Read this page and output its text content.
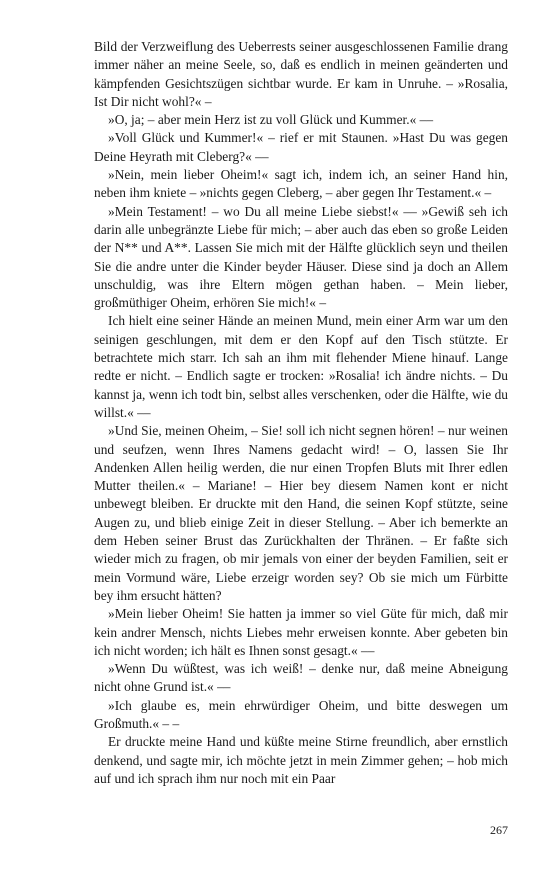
Bild der Verzweiflung des Ueberrests seiner ausgeschlossenen Familie drang immer näher an meine Seele, so, daß es endlich in meinen geänderten und kämpfenden Gesichtszügen sichtbar wurde. Er kam in Unruhe. – »Rosalia, Ist Dir nicht wohl?« –

»O, ja; – aber mein Herz ist zu voll Glück und Kummer.« ––

»Voll Glück und Kummer!« – rief er mit Staunen. »Hast Du was gegen Deine Heyrath mit Cleberg?« ––

»Nein, mein lieber Oheim!« sagt ich, indem ich, an seiner Hand hin, neben ihm kniete – »nichts gegen Cleberg, – aber gegen Ihr Testament.« –

»Mein Testament! – wo Du all meine Liebe siebst!« –– »Gewiß seh ich darin alle unbegränzte Liebe für mich; – aber auch das eben so große Leiden der N** und A**. Lassen Sie mich mit der Hälfte glücklich seyn und theilen Sie die andre unter die Kinder beyder Häuser. Diese sind ja doch an Allem unschuldig, was ihre Eltern mögen gethan haben. – Mein lieber, großmüthiger Oheim, erhören Sie mich!« –

Ich hielt eine seiner Hände an meinen Mund, mein einer Arm war um den seinigen geschlungen, mit dem er den Kopf auf den Tisch stützte. Er betrachtete mich starr. Ich sah an ihm mit flehender Miene hinauf. Lange redte er nicht. – Endlich sagte er trocken: »Rosalia! ich ändre nichts. – Du kannst ja, wenn ich todt bin, selbst alles verschenken, oder die Hälfte, wie du willst.« ––

»Und Sie, meinen Oheim, – Sie! soll ich nicht segnen hören! – nur weinen und seufzen, wenn Ihres Namens gedacht wird! – O, lassen Sie Ihr Andenken Allen heilig werden, die nur einen Tropfen Bluts mit Ihrer edlen Mutter theilen.« – Mariane! – Hier bey diesem Namen kont er nicht unbewegt bleiben. Er druckte mit den Hand, die seinen Kopf stützte, seine Augen zu, und blieb einige Zeit in dieser Stellung. – Aber ich bemerkte an dem Heben seiner Brust das Zurückhalten der Thränen. – Er faßte sich wieder mich zu fragen, ob mir jemals von einer der beyden Familien, seit er mein Vormund wäre, Liebe erzeigr worden sey? Ob sie mich um Fürbitte bey ihm ersucht hätten?

»Mein lieber Oheim! Sie hatten ja immer so viel Güte für mich, daß mir kein andrer Mensch, nichts Liebes mehr erweisen konnte. Aber gebeten bin ich nicht worden; ich hält es Ihnen sonst gesagt.« ––

»Wenn Du wüßtest, was ich weiß! – denke nur, daß meine Abneigung nicht ohne Grund ist.« ––

»Ich glaube es, mein ehrwürdiger Oheim, und bitte deswegen um Großmuth.« – –

Er druckte meine Hand und küßte meine Stirne freundlich, aber ernstlich denkend, und sagte mir, ich möchte jetzt in mein Zimmer gehen; – hob mich auf und ich sprach ihm nur noch mit ein Paar

267
